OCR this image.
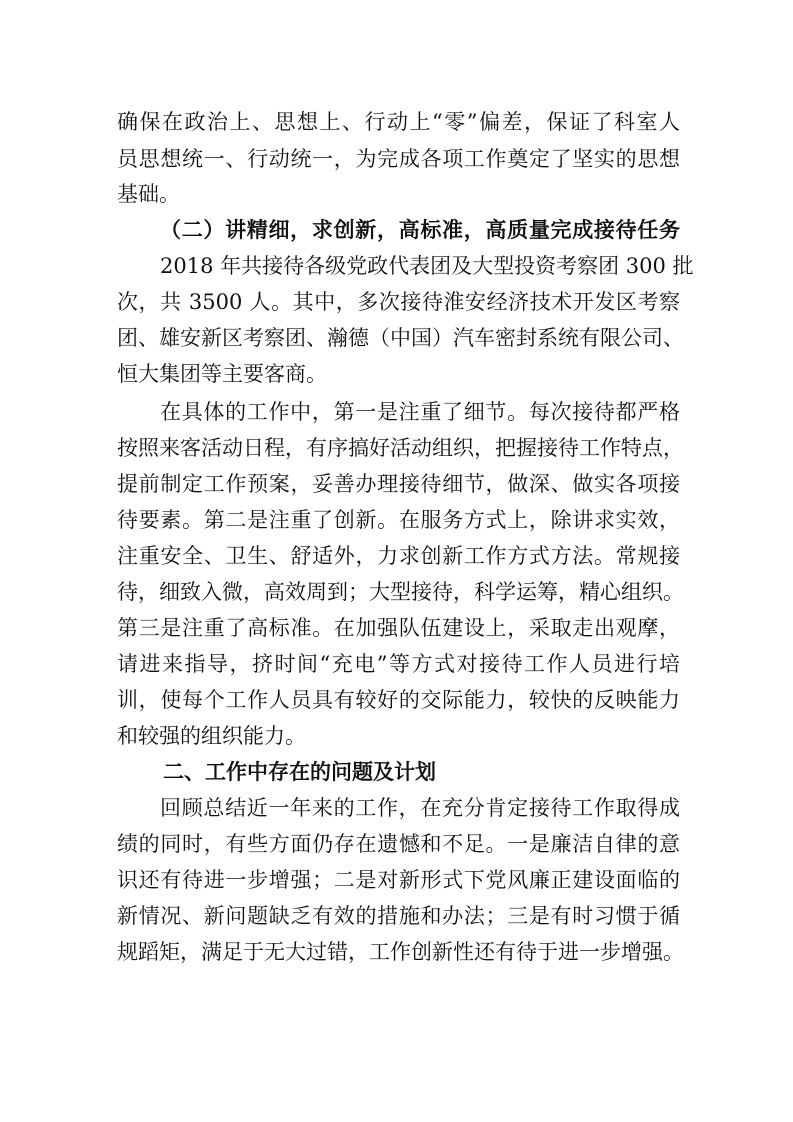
确保在政治上、思想上、行动上“零”偏差，保证了科室人
员思想统一、行动统一，为完成各项工作奠定了坚实的思想
基础。
（二）讲精细，求创新，高标准，高质量完成接待任务
2018 年共接待各级党政代表团及大型投资考察团 300 批
次，共 3500 人。其中，多次接待淮安经济技术开发区考察
团、雄安新区考察团、瀚德（中国）汽车密封系统有限公司、
恒大集团等主要客商。
在具体的工作中，第一是注重了细节。每次接待都严格
按照来客活动日程，有序搞好活动组织，把握接待工作特点，
提前制定工作预案，妥善办理接待细节，做深、做实各项接
待要素。第二是注重了创新。在服务方式上，除讲求实效，
注重安全、卫生、舒适外，力求创新工作方式方法。常规接
待，细致入微，高效周到；大型接待，科学运筹，精心组织。
第三是注重了高标准。在加强队伍建设上，采取走出观摩，
请进来指导，挤时间“充电”等方式对接待工作人员进行培
训，使每个工作人员具有较好的交际能力，较快的反映能力
和较强的组织能力。
二、工作中存在的问题及计划
回顾总结近一年来的工作，在充分肯定接待工作取得成
绩的同时，有些方面仍存在遗憾和不足。一是廉洁自律的意
识还有待进一步增强；二是对新形式下党风廉正建设面临的
新情况、新问题缺乏有效的措施和办法；三是有时习惯于循
规蹈矩，满足于无大过错，工作创新性还有待于进一步增强。
